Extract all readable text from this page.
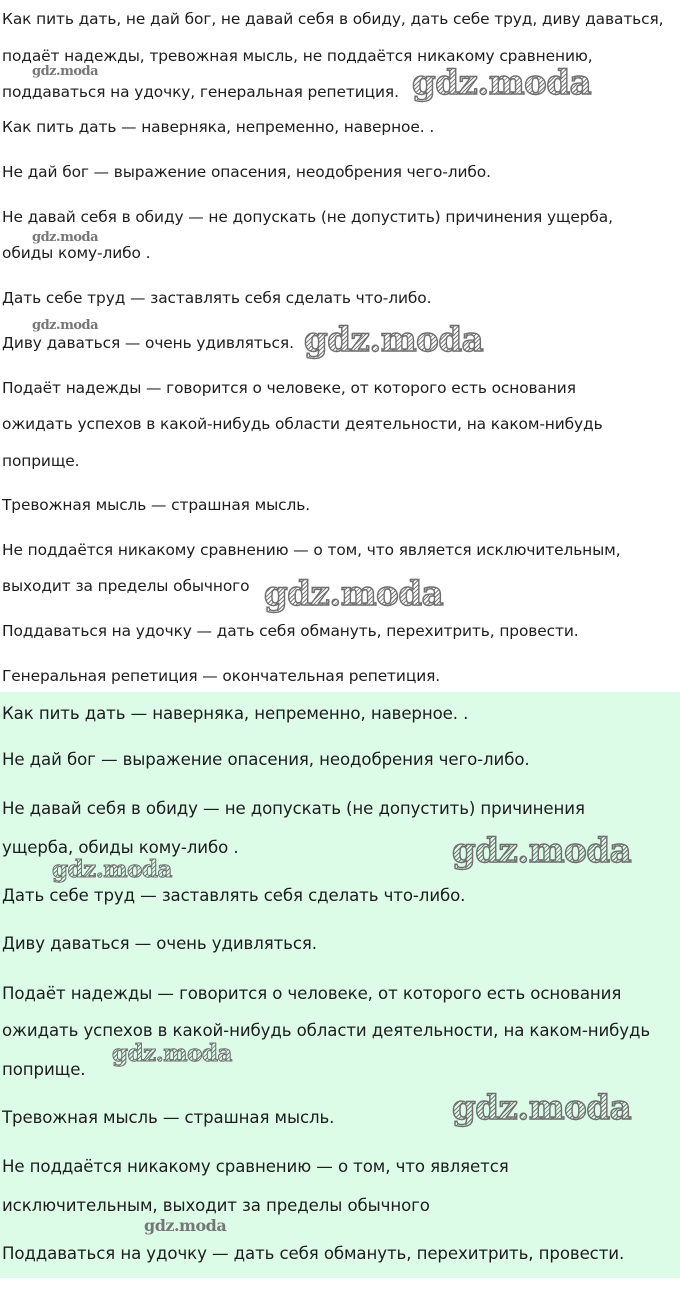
Как пить дать, не дай бог, не давай себя в обиду, дать себе труд, диву даваться,
подаёт надежды, тревожная мысль, не поддаётся никакому сравнению,
поддаваться на удочку, генеральная репетиция.
Как пить дать — наверняка, непременно, наверное. .
Не дай бог — выражение опасения, неодобрения чего-либо.
Не давай себя в обиду — не допускать (не допустить) причинения ущерба,
обиды кому-либо .
Дать себе труд — заставлять себя сделать что-либо.
Диву даваться — очень удивляться.
Подаёт надежды — говорится о человеке, от которого есть основания
ожидать успехов в какой-нибудь области деятельности, на каком-нибудь
поприще.
Тревожная мысль — страшная мысль.
Не поддаётся никакому сравнению — о том, что является исключительным,
выходит за пределы обычного
Поддаваться на удочку — дать себя обмануть, перехитрить, провести.
Генеральная репетиция — окончательная репетиция.
gdz.moda	gdz.moda
gdz.moda
gdz.moda	gdz.moda
gdz.moda
Как пить дать — наверняка, непременно, наверное. .
Не дай бог — выражение опасения, неодобрения чего-либо.
Не давай себя в обиду — не допускать (не допустить) причинения
ущерба, обиды кому-либо .
Дать себе труд — заставлять себя сделать что-либо.
Диву даваться — очень удивляться.
Подаёт надежды — говорится о человеке, от которого есть основания
ожидать успехов в какой-нибудь области деятельности, на каком-нибудь
поприще.
Тревожная мысль — страшная мысль.
Не поддаётся никакому сравнению — о том, что является
исключительным, выходит за пределы обычного
Поддаваться на удочку — дать себя обмануть, перехитрить, провести.
gdz.moda
gdz.moda
gdz.moda
gdz.moda
gdz.moda
